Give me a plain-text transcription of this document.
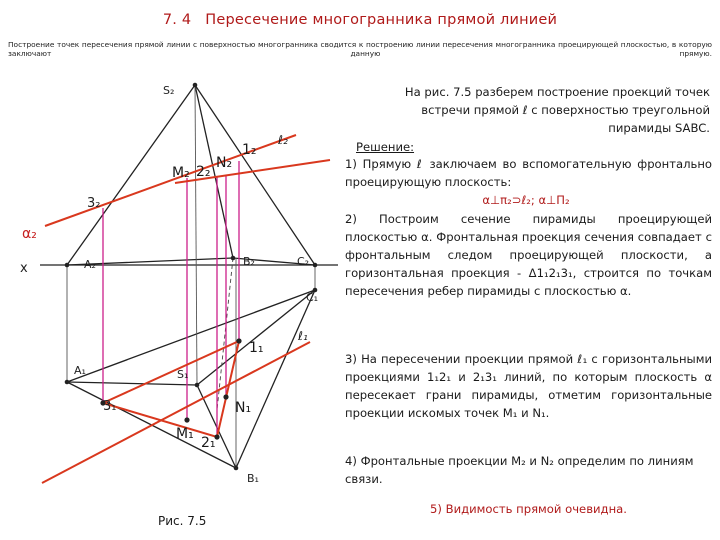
7. 4 Пересечение многогранника прямой линией
Построение точек пересечения прямой линии с поверхностью многогранника сводится к построению линии пересечения многогранника проецирующей плоскостью, в которую заключают данную прямую.
S₂
1₂
ℓ₂
M₂ 2₂
N₂
3₂
α₂
x	A₂	B₂	C₂
C₁
ℓ₁
1₁
A₁	S₁
3₁	N₁
M₁
2₁
B₁
На рис. 7.5 разберем построение проекций точек встречи прямой ℓ с поверхностью треугольной пирамиды SABC.
Решение:
1) Прямую ℓ заключаем во вспомогательную фронтально проецирующую плоскость:
α⊥π₂⊃ℓ₂; α⊥П₂
2) Построим сечение пирамиды проецирующей плоскостью α. Фронтальная проекция сечения совпадает с фронтальным следом проецирующей плоскости, а горизонтальная проекция - Δ1₁2₁3₁, строится по точкам пересечения ребер пирамиды с плоскостью α.
3) На пересечении проекции прямой ℓ₁ с горизонтальными проекциями 1₁2₁ и 2₁3₁ линий, по которым плоскость α пересекает грани пирамиды, отметим горизонтальные проекции искомых точек M₁ и N₁.
4) Фронтальные проекции M₂ и N₂ определим по линиям связи.
5) Видимость прямой очевидна.
Рис. 7.5
